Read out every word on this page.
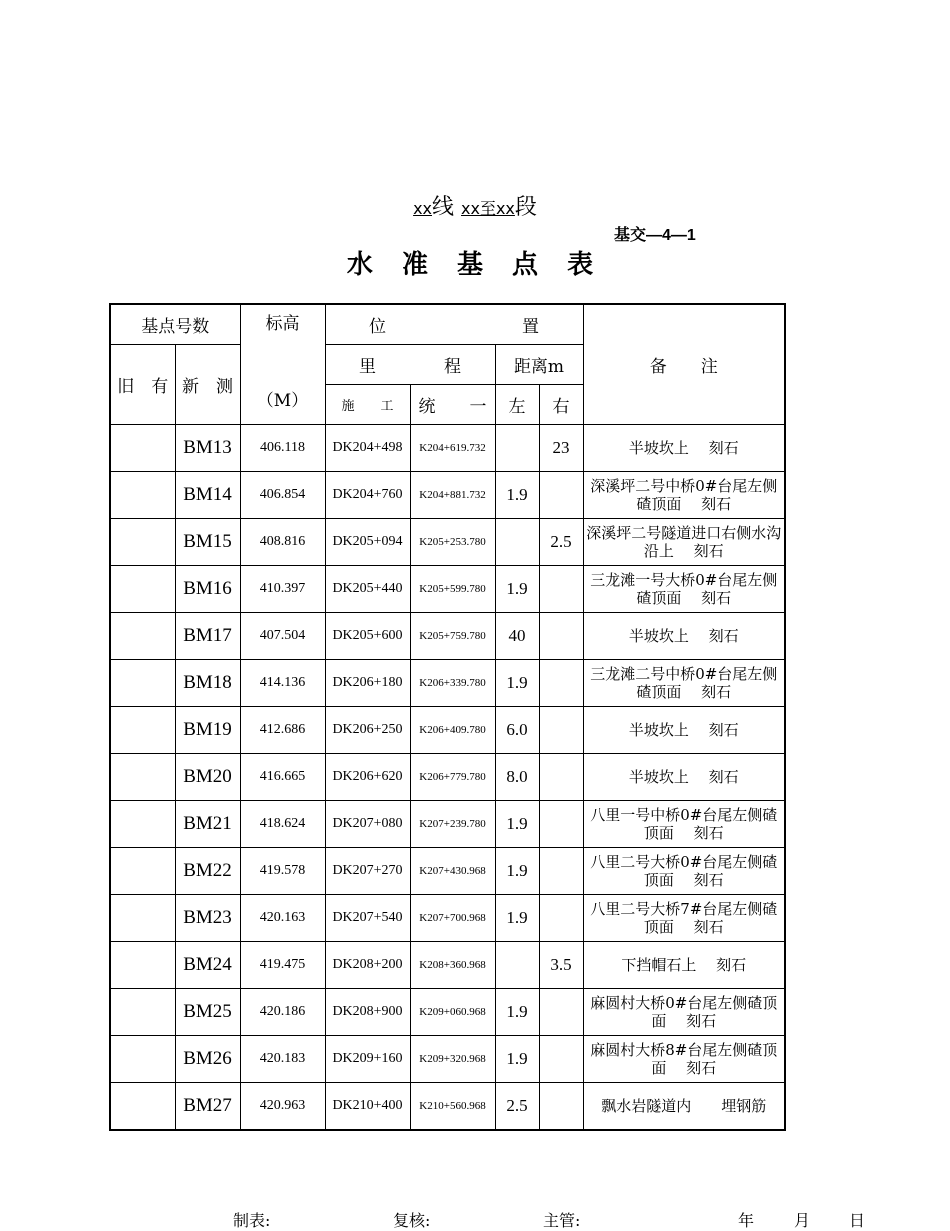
xx线 xx至xx段
基交—4—1
水 准 基 点 表
基点号数		标高
（M）	位　　　　　　　　置				备　　注
旧　有	新　测		里　　　　程		距离m		
			施　　工	统　　一	左	右	
	BM13	406.118	DK204+498	K204+619.732		23	半坡坎上　 刻石
	BM14	406.854	DK204+760	K204+881.732	1.9		深溪坪二号中桥0#台尾左侧碴顶面　 刻石
	BM15	408.816	DK205+094	K205+253.780		2.5	深溪坪二号隧道进口右侧水沟沿上　 刻石
	BM16	410.397	DK205+440	K205+599.780	1.9		三龙滩一号大桥0#台尾左侧碴顶面　 刻石
	BM17	407.504	DK205+600	K205+759.780	40		半坡坎上　 刻石
	BM18	414.136	DK206+180	K206+339.780	1.9		三龙滩二号中桥0#台尾左侧碴顶面　 刻石
	BM19	412.686	DK206+250	K206+409.780	6.0		半坡坎上　 刻石
	BM20	416.665	DK206+620	K206+779.780	8.0		半坡坎上　 刻石
	BM21	418.624	DK207+080	K207+239.780	1.9		八里一号中桥0#台尾左侧碴顶面　 刻石
	BM22	419.578	DK207+270	K207+430.968	1.9		八里二号大桥0#台尾左侧碴顶面　 刻石
	BM23	420.163	DK207+540	K207+700.968	1.9		八里二号大桥7#台尾左侧碴顶面　 刻石
	BM24	419.475	DK208+200	K208+360.968		3.5	下挡帽石上　 刻石
	BM25	420.186	DK208+900	K209+060.968	1.9		麻圆村大桥0#台尾左侧碴顶面　 刻石
	BM26	420.183	DK209+160	K209+320.968	1.9		麻圆村大桥8#台尾左侧碴顶面　 刻石
	BM27	420.963	DK210+400	K210+560.968	2.5		飘水岩隧道内　　埋钢筋
制表:	复核:	主管:	年 月 日
